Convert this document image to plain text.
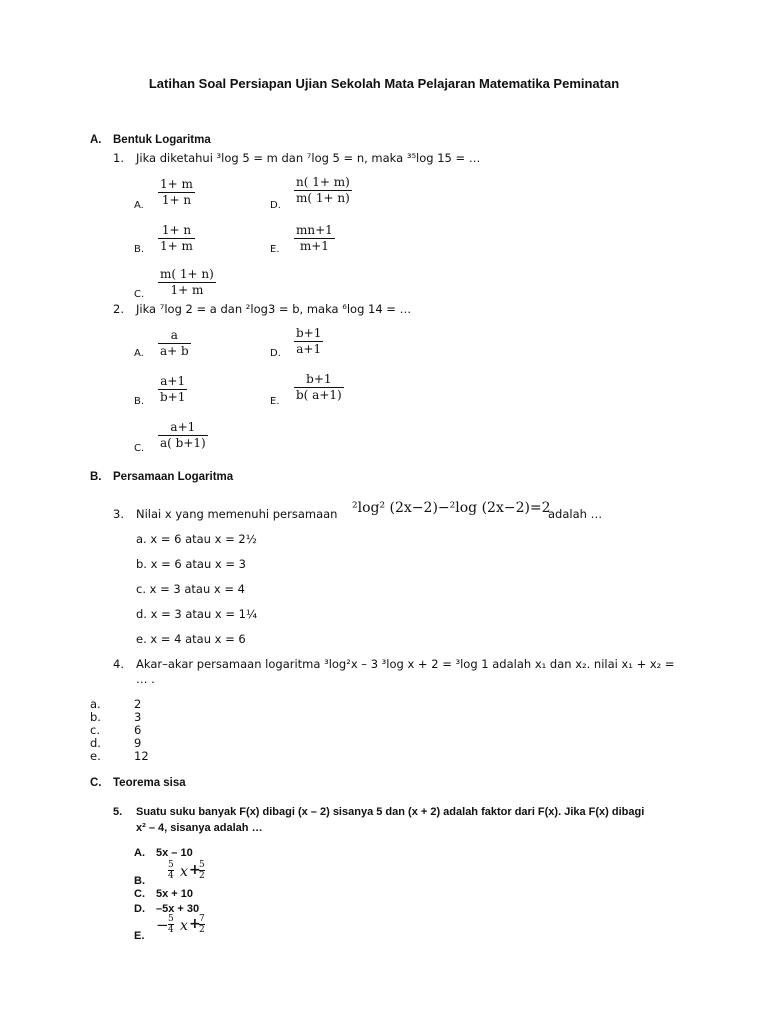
Latihan Soal Persiapan Ujian Sekolah Mata Pelajaran Matematika Peminatan
A. Bentuk Logaritma
1. Jika diketahui ³log 5 = m dan ⁷log 5 = n, maka ³⁵log 15 = …
A.
1+ m
1+ n
B.
1+ n
1+ m
C.
m( 1+ n)
1+ m
D.
n( 1+ m)
m( 1+ n)
E.
mn+1
m+1
2. Jika ⁷log 2 = a dan ²log3 = b, maka ⁶log 14 = …
A.
a
a+ b
B.
a+1
b+1
C.
a+1
a( b+1)
D.
b+1
a+1
E.
b+1
b( a+1)
B. Persamaan Logaritma
3. Nilai x yang memenuhi persamaan ²log² (2x−2)−²log (2x−2)=2
adalah …
a. x = 6 atau x = 2½
b. x = 6 atau x = 3
c. x = 3 atau x = 4
d. x = 3 atau x = 1¼
e. x = 4 atau x = 6
4. Akar–akar persamaan logaritma ³log²x – 3 ³log x + 2 = ³log 1 adalah x₁ dan x₂. nilai x₁ + x₂ =
… .
a.	2
b.	3
c.	6
d.	9
e.	12
C. Teorema sisa
5. Suatu suku banyak F(x) dibagi (x – 2) sisanya 5 dan (x + 2) adalah faktor dari F(x). Jika F(x) dibagi
x² – 4, sisanya adalah …
A. 5x – 10
B.
5
4 x +
5
2
C. 5x + 10
D. –5x + 30
E.
− 5
4 x +
7
2
